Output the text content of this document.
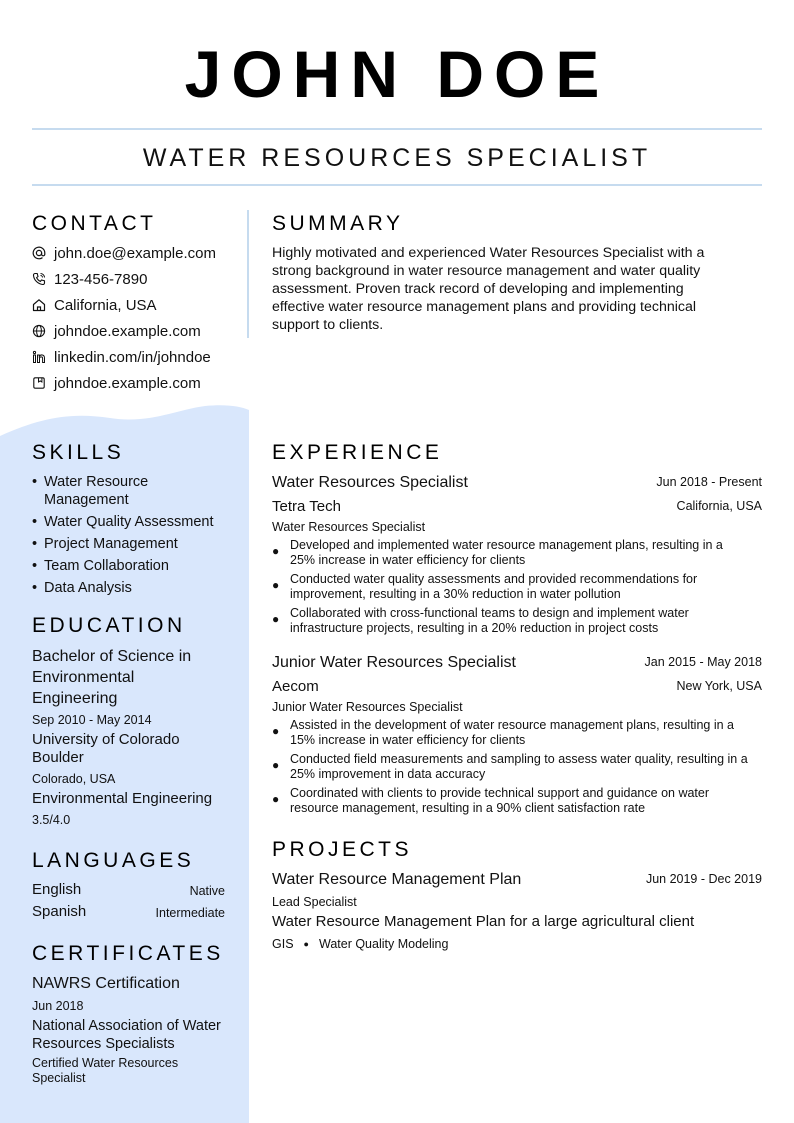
JOHN DOE
WATER RESOURCES SPECIALIST
CONTACT
john.doe@example.com
123-456-7890
California, USA
johndoe.example.com
linkedin.com/in/johndoe
johndoe.example.com
SUMMARY
Highly motivated and experienced Water Resources Specialist with a
strong background in water resource management and water quality
assessment. Proven track record of developing and implementing
effective water resource management plans and providing technical
support to clients.
SKILLS
• Water Resource Management
• Water Quality Assessment
• Project Management
• Team Collaboration
• Data Analysis
EDUCATION
Bachelor of Science in Environmental Engineering
Sep 2010 - May 2014
University of Colorado Boulder
Colorado, USA
Environmental Engineering
3.5/4.0
LANGUAGES
English	Native
Spanish	Intermediate
CERTIFICATES
NAWRS Certification
Jun 2018
National Association of Water Resources Specialists
Certified Water Resources Specialist
EXPERIENCE
Water Resources Specialist	Jun 2018 - Present
Tetra Tech	California, USA
Water Resources Specialist
● Developed and implemented water resource management plans, resulting in a
25% increase in water efficiency for clients
● Conducted water quality assessments and provided recommendations for
improvement, resulting in a 30% reduction in water pollution
● Collaborated with cross-functional teams to design and implement water
infrastructure projects, resulting in a 20% reduction in project costs
Junior Water Resources Specialist	Jan 2015 - May 2018
Aecom	New York, USA
Junior Water Resources Specialist
● Assisted in the development of water resource management plans, resulting in a
15% increase in water efficiency for clients
● Conducted field measurements and sampling to assess water quality, resulting in a
25% improvement in data accuracy
● Coordinated with clients to provide technical support and guidance on water
resource management, resulting in a 90% client satisfaction rate
PROJECTS
Water Resource Management Plan	Jun 2019 - Dec 2019
Lead Specialist
Water Resource Management Plan for a large agricultural client
GIS ● Water Quality Modeling
